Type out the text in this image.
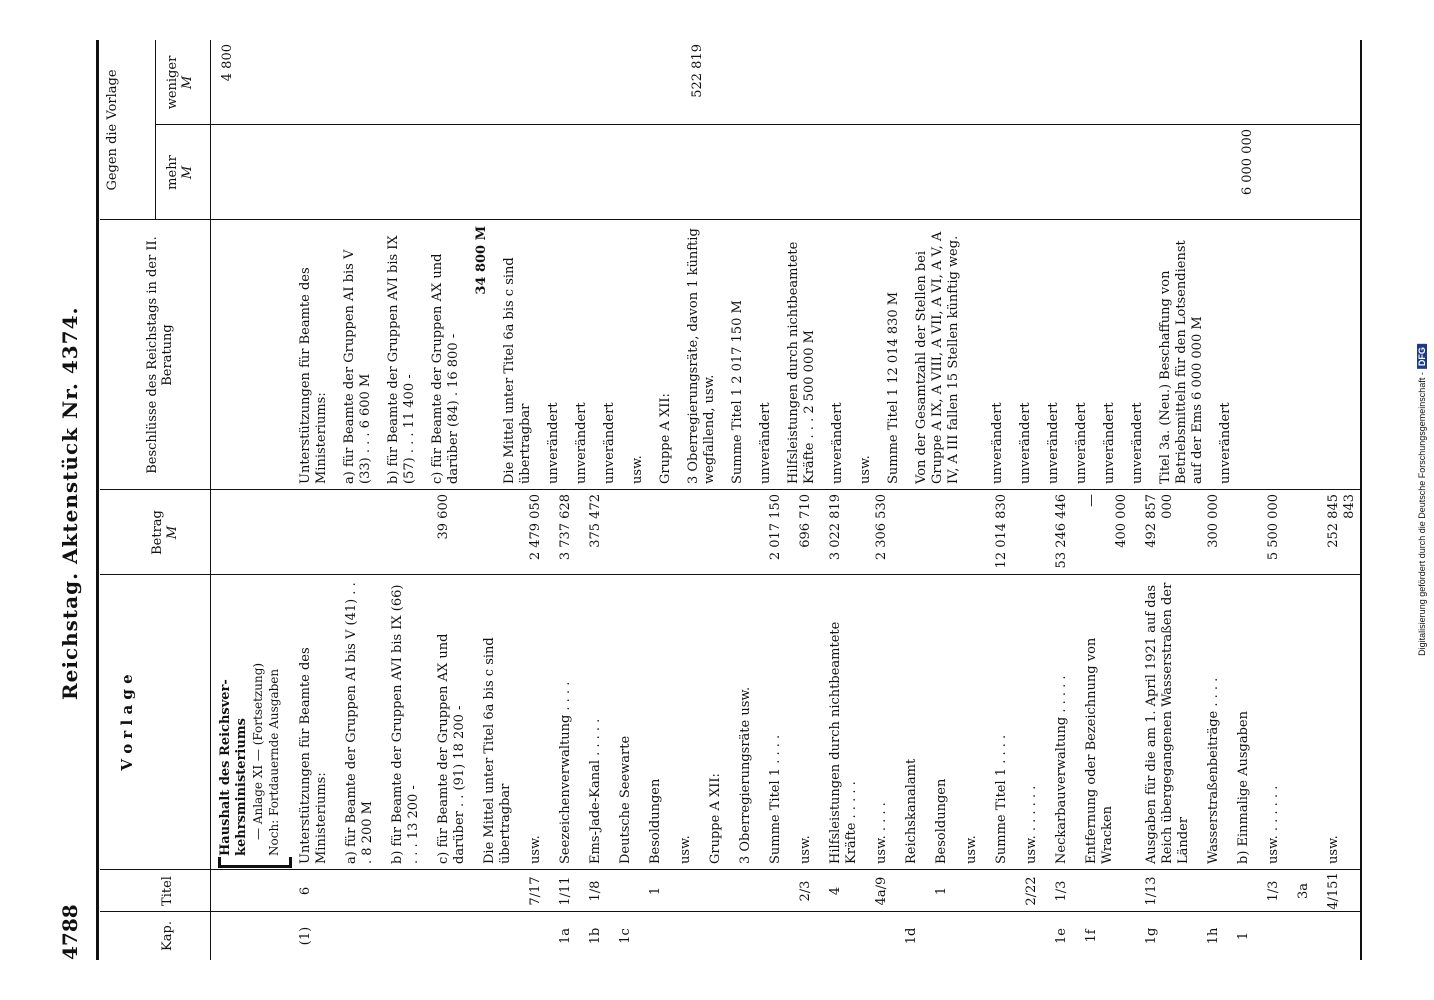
Digitalisierung gefördert durch die Deutsche Forschungsgemeinschaft -DFG
4788
Reichstag. Aktenstück Nr. 4374.
Kap.
Titel
V o r l a g e
Betrag M
Beschlüsse des Reichstags in der II. Beratung
Gegen die Vorlage	mehr M
weniger M
Haushalt des Reichsver- kehrsministeriums — Anlage XI — (Fortsetzung) Noch: Fortdauernde Ausgaben
(1)
6
Unterstützungen für Beamte des Ministeriums: a) für Beamte der Gruppen AI bis V (41) . . . 8 200 M b) für Beamte der Gruppen AVI bis IX (66) . . . 13 200 - c) für Beamte der Gruppen AX und darüber . . (91) 18 200 -
39 600
Die Mittel unter Titel 6a bis c sind übertragbar
7/17
usw.
2 479 050
1a
1/11
Seezeichenverwaltung . . . .
3 737 628
1b
1/8
Ems-Jade-Kanal . . . . .
375 472
1c
Deutsche Seewarte
1
Besoldungen usw. Gruppe A XII: 3 Oberregierungsräte usw. Summe Titel 1 . . . .
2 017 150
2/3
usw.
696 710
4
Hilfsleistungen durch nichtbeamtete Kräfte . . . . .
3 022 819
4a/9
usw. . . . .
2 306 530
1d
Reichskanalamt
1
Besoldungen usw. Summe Titel 1 . . . .
12 014 830
2/22
usw. . . . . . .
1e
1/3
Neckarbauverwaltung . . . . .
53 246 446
1f
Entfernung oder Bezeichnung von Wracken
— 400 000
1g
1/13
Ausgaben für die am 1. April 1921 auf das Reich übergegangenen Wasserstraßen der Länder
492 857 000
1h
Wasserstraßenbeiträge . . . .
300 000
1
b) Einmalige Ausgaben
1/3
usw. . . . . . .
5 500 000
3a 4/151
usw.
252 845 843
Unterstützungen für Beamte des Ministeriums: a) für Beamte der Gruppen AI bis V (33) . . . 6 600 M b) für Beamte der Gruppen AVI bis IX (57) . . . 11 400 - c) für Beamte der Gruppen AX und darüber (84) . 16 800 -
34 800 M Die Mittel unter Titel 6a bis c sind übertragbar unverändert unverändert unverändert usw. Gruppe A XII: 3 Oberregierungsräte, davon 1 künftig wegfallend, usw. Summe Titel 1 2 017 150 M unverändert Hilfsleistungen durch nichtbeamtete Kräfte . . . 2 500 000 M unverändert usw. Summe Titel 1 12 014 830 M Von der Gesamtzahl der Stellen bei Gruppe A IX, A VIII, A VII, A VI, A V, A IV, A III fallen 15 Stellen künftig weg. unverändert unverändert unverändert unverändert unverändert unverändert Titel 3a. (Neu.) Beschaffung von Betriebsmitteln für den Lotsendienst auf der Ems 6 000 000 M unverändert
4 800	522 819
6 000 000
